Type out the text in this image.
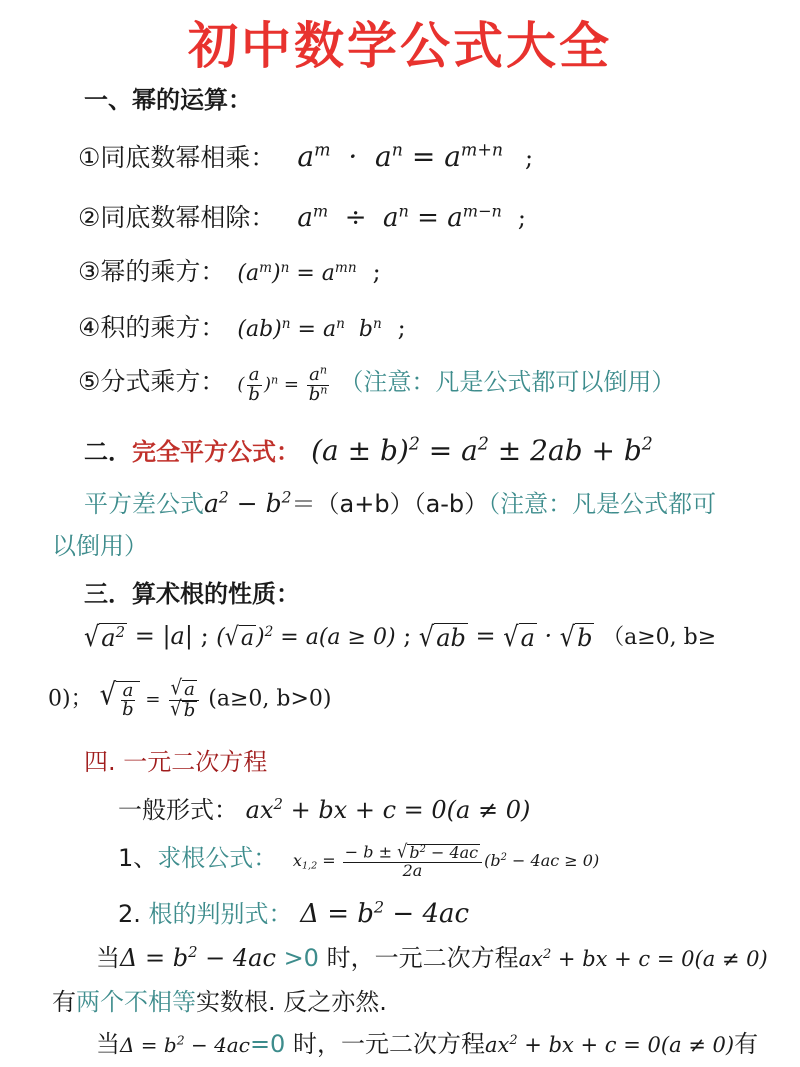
初中数学公式大全
一、幂的运算：
①同底数幂相乘： $a^m \cdot a^n = a^{m+n}$ ;
②同底数幂相除： $a^m \div a^n = a^{m-n}$ ;
③幂的乘方： $(a^m)^n = a^{mn}$ ;
④积的乘方： $(ab)^n = a^n$  $b^n$ ;
⑤分式乘方： ( $\frac{a}{b} )^n = \frac{a^n}{b^n}$ （注意：凡是公式都可以倒用）
二．完全平方公式： $(a \pm b)^2 = a^2 \pm 2ab + b^2$
平方差公式$a^2 - b^2=(a+b)(a-b)$（注意：凡是公式都可
以倒用）
三．算术根的性质：
√ $a^2 = |a|$ ; ( √ a )$^2$ = a(a ≥ 0) ; √ ab = √ a · √ b （a≥0, b≥
0)； √ $\frac{a}{b} = \frac{√ a}{√ b} (a\ge 0$, b>0)
四. 一元二次方程
一般形式： $ax^2$ + bx + c = 0(a ≠ 0)
1、求根公式： $x_{1,2} = \frac{- b \pm √ b^2 - 4ac}{2a} (b^2 - 4ac \ge 0)$
2. 根的判别式： $\Delta = b^2 - 4ac$
当$\Delta = b^2 - 4ac >0$ 时，一元二次方程$ax^2$ + bx + c = 0(a ≠ 0)
有两个不相等实数根. 反之亦然.
当$\Delta = b^2 - 4ac=0$ 时，一元二次方程$ax^2$ + bx + c = 0(a ≠ 0)有
